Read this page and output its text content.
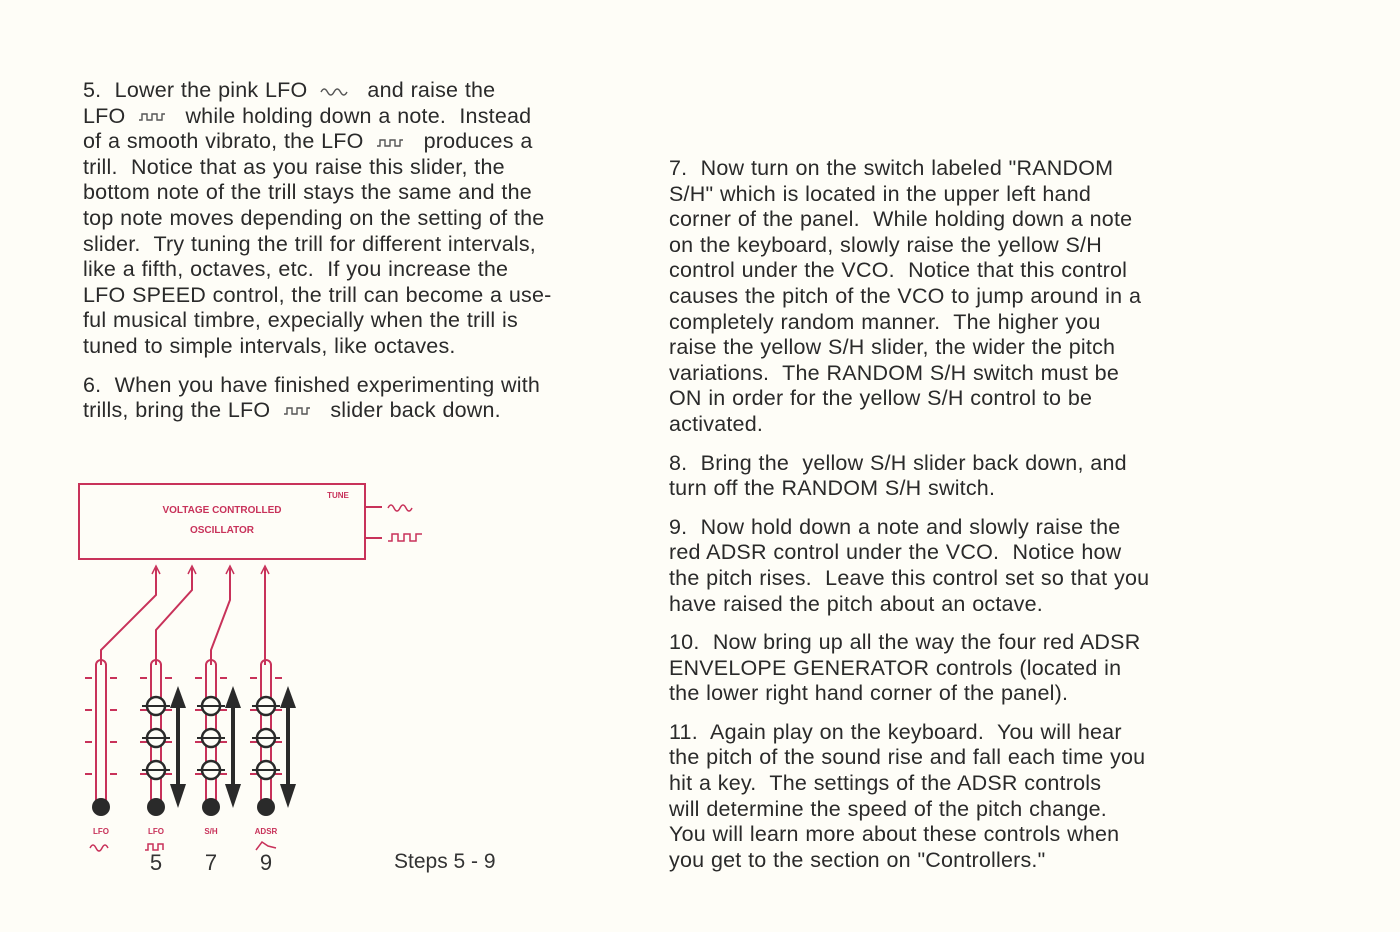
5.  Lower the pink LFO
and raise the
LFO
while holding down a note.  Instead
of a smooth vibrato, the LFO
produces a
trill.  Notice that as you raise this slider, the
bottom note of the trill stays the same and the
top note moves depending on the setting of the
slider.  Try tuning the trill for different intervals,
like a fifth, octaves, etc.  If you increase the
LFO SPEED control, the trill can become a use-
ful musical timbre, expecially when the trill is
tuned to simple intervals, like octaves.

6.  When you have finished experimenting with
trills, bring the LFO
slider back down.

7.  Now turn on the switch labeled "RANDOM
S/H" which is located in the upper left hand
corner of the panel.  While holding down a note
on the keyboard, slowly raise the yellow S/H
control under the VCO.  Notice that this control
causes the pitch of the VCO to jump around in a
completely random manner.  The higher you
raise the yellow S/H slider, the wider the pitch
variations.  The RANDOM S/H switch must be
ON in order for the yellow S/H control to be
activated.

8.  Bring the  yellow S/H slider back down, and
turn off the RANDOM S/H switch.

9.  Now hold down a note and slowly raise the
red ADSR control under the VCO.  Notice how
the pitch rises.  Leave this control set so that you
have raised the pitch about an octave.

10.  Now bring up all the way the four red ADSR
ENVELOPE GENERATOR controls (located in
the lower right hand corner of the panel).

11.  Again play on the keyboard.  You will hear
the pitch of the sound rise and fall each time you
hit a key.  The settings of the ADSR controls
will determine the speed of the pitch change.
You will learn more about these controls when
you get to the section on "Controllers."

VOLTAGE CONTROLLED
OSCILLATOR
TUNE
LFO	LFO	S/H	ADSR
5 7 9	Steps 5 - 9
